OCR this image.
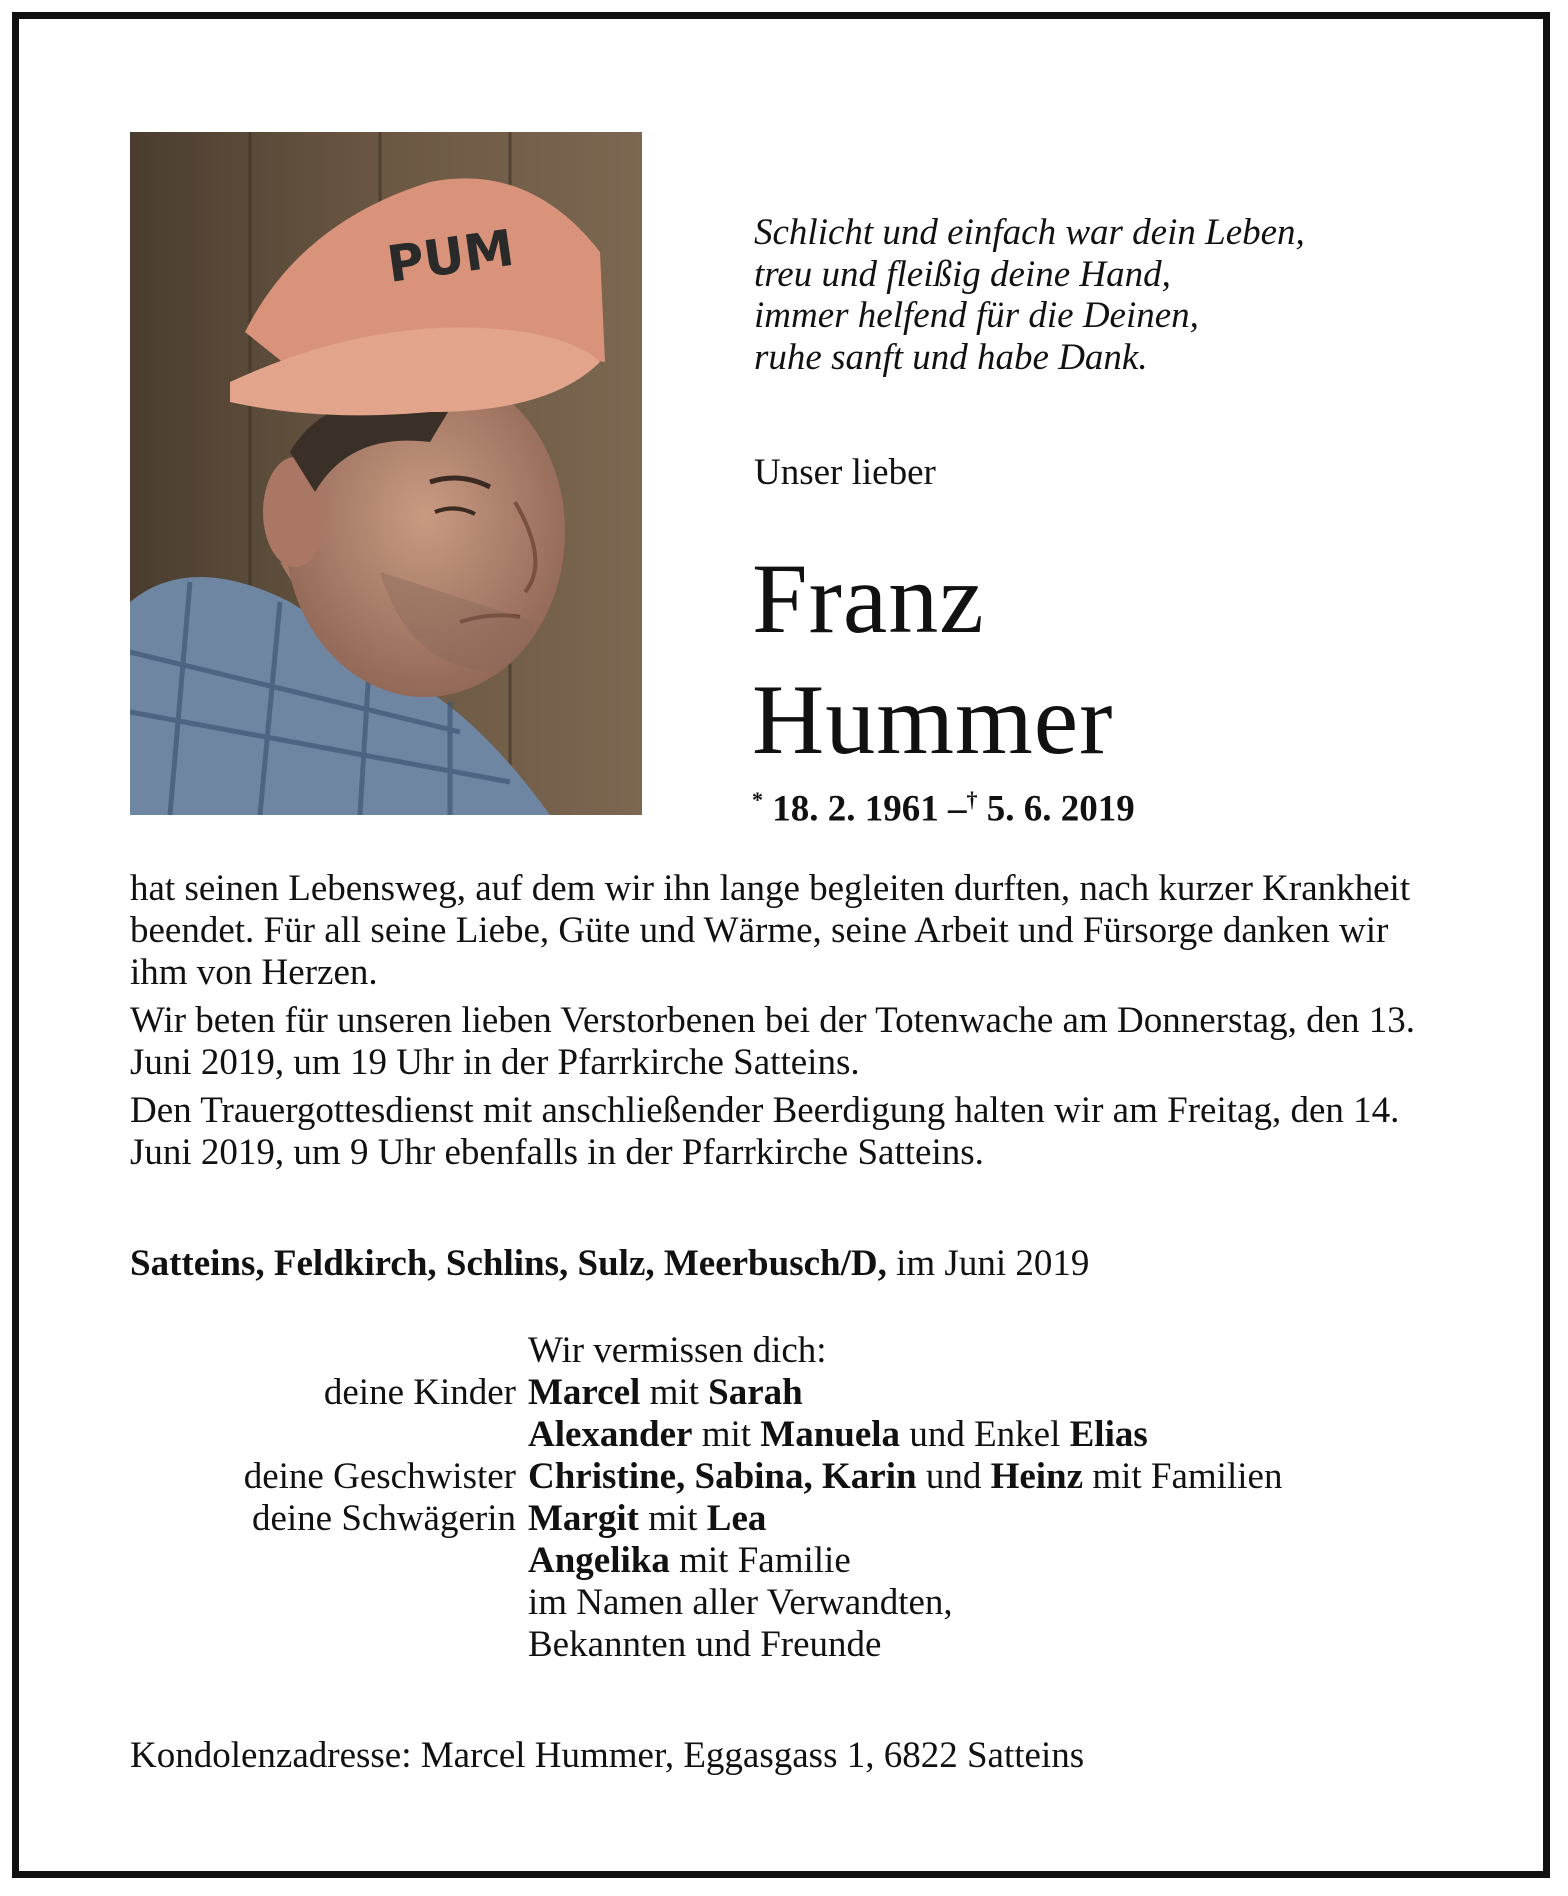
PUM	Schlicht und einfach war dein Leben,
treu und fleißig deine Hand,
immer helfend für die Deinen,
ruhe sanft und habe Dank.
Unser lieber
Franz
Hummer
* 18. 2. 1961 –† 5. 6. 2019

hat seinen Lebensweg, auf dem wir ihn lange begleiten durften, nach kurzer Krankheit beendet. Für all seine Liebe, Güte und Wärme, seine Arbeit und Fürsorge danken wir ihm von Herzen.

Wir beten für unseren lieben Verstorbenen bei der Totenwache am Donnerstag, den 13. Juni 2019, um 19 Uhr in der Pfarrkirche Satteins.

Den Trauergottesdienst mit anschließender Beerdigung halten wir am Freitag, den 14. Juni 2019, um 9 Uhr ebenfalls in der Pfarrkirche Satteins.

Satteins, Feldkirch, Schlins, Sulz, Meerbusch/D, im Juni 2019
Wir vermissen dich:
deine Kinder Marcel mit Sarah
Alexander mit Manuela und Enkel Elias
deine Geschwister Christine, Sabina, Karin und Heinz mit Familien
deine Schwägerin Margit mit Lea
Angelika mit Familie
im Namen aller Verwandten,
Bekannten und Freunde
Kondolenzadresse: Marcel Hummer, Eggasgass 1, 6822 Satteins
